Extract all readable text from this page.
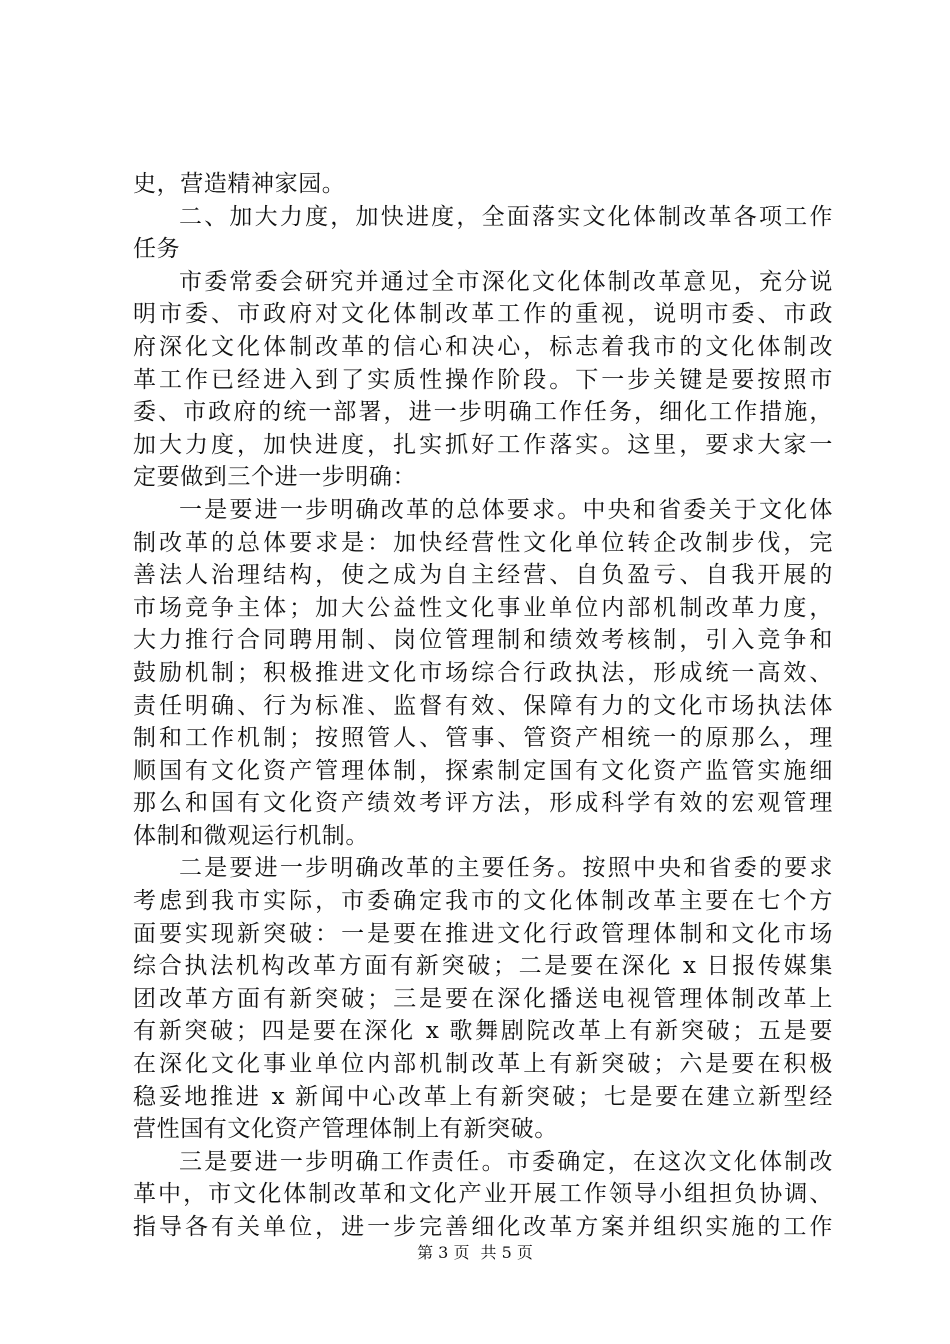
史，营造精神家园。
二、加大力度，加快进度，全面落实文化体制改革各项工作
任务
市委常委会研究并通过全市深化文化体制改革意见，充分说
明市委、市政府对文化体制改革工作的重视，说明市委、市政
府深化文化体制改革的信心和决心，标志着我市的文化体制改
革工作已经进入到了实质性操作阶段。下一步关键是要按照市
委、市政府的统一部署，进一步明确工作任务，细化工作措施，
加大力度，加快进度，扎实抓好工作落实。这里，要求大家一
定要做到三个进一步明确：
一是要进一步明确改革的总体要求。中央和省委关于文化体
制改革的总体要求是：加快经营性文化单位转企改制步伐，完
善法人治理结构，使之成为自主经营、自负盈亏、自我开展的
市场竞争主体；加大公益性文化事业单位内部机制改革力度，
大力推行合同聘用制、岗位管理制和绩效考核制，引入竞争和
鼓励机制；积极推进文化市场综合行政执法，形成统一高效、
责任明确、行为标准、监督有效、保障有力的文化市场执法体
制和工作机制；按照管人、管事、管资产相统一的原那么，理
顺国有文化资产管理体制，探索制定国有文化资产监管实施细
那么和国有文化资产绩效考评方法，形成科学有效的宏观管理
体制和微观运行机制。
二是要进一步明确改革的主要任务。按照中央和省委的要求
考虑到我市实际，市委确定我市的文化体制改革主要在七个方
面要实现新突破：一是要在推进文化行政管理体制和文化市场
综合执法机构改革方面有新突破；二是要在深化 x 日报传媒集
团改革方面有新突破；三是要在深化播送电视管理体制改革上
有新突破；四是要在深化 x 歌舞剧院改革上有新突破；五是要
在深化文化事业单位内部机制改革上有新突破；六是要在积极
稳妥地推进 x 新闻中心改革上有新突破；七是要在建立新型经
营性国有文化资产管理体制上有新突破。
三是要进一步明确工作责任。市委确定，在这次文化体制改
革中，市文化体制改革和文化产业开展工作领导小组担负协调、
指导各有关单位，进一步完善细化改革方案并组织实施的工作
第 3 页 共 5 页
